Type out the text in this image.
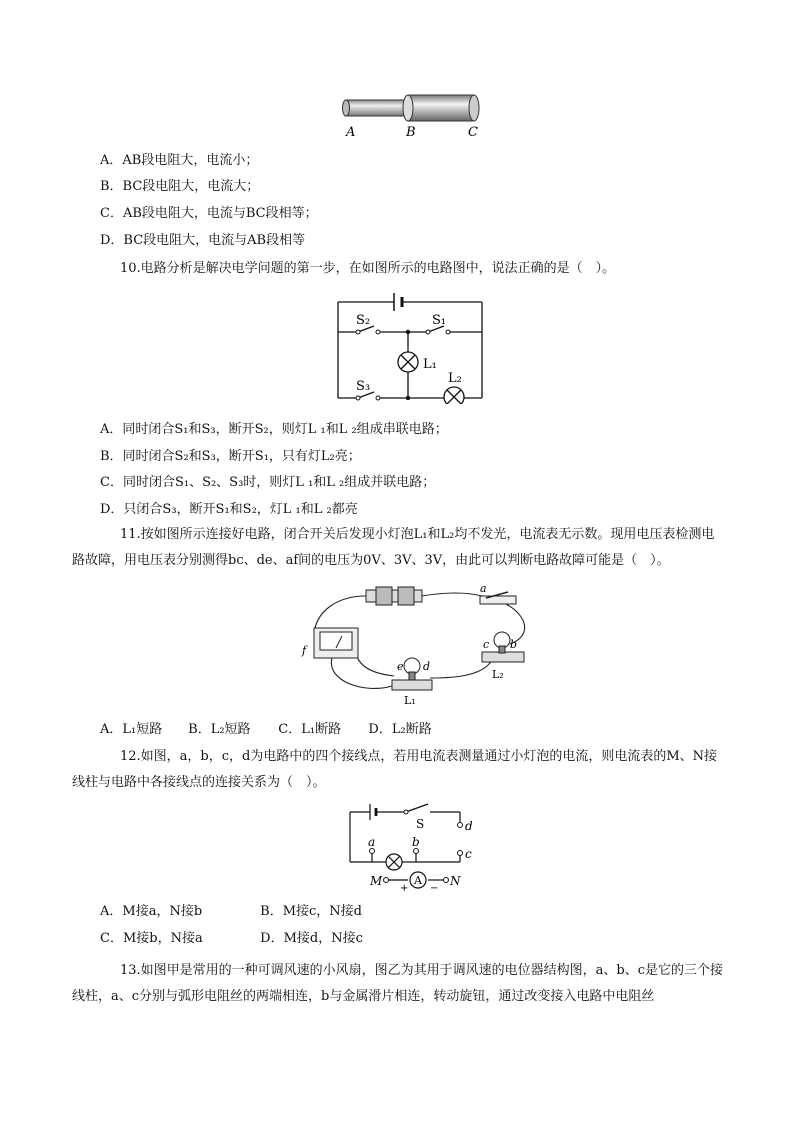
A	B	C
A．AB段电阻大，电流小；
B．BC段电阻大，电流大；
C．AB段电阻大，电流与BC段相等；
D．BC段电阻大，电流与AB段相等
10.电路分析是解决电学问题的第一步，在如图所示的电路图中，说法正确的是（　）。
S₂	S₁
L₁
L₂
S₃
A．同时闭合S₁和S₃，断开S₂，则灯L ₁和L ₂组成串联电路；
B．同时闭合S₂和S₃，断开S₁，只有灯L₂亮；
C．同时闭合S₁、S₂、S₃时，则灯L ₁和L ₂组成并联电路；
D．只闭合S₃，断开S₁和S₂，灯L ₁和L ₂都亮
11.按如图所示连接好电路，闭合开关后发现小灯泡L₁和L₂均不发光，电流表无示数。现用电压表检测电路故障，用电压表分别测得bc、de、af间的电压为0V、3V、3V，由此可以判断电路故障可能是（　）。
a
f
e d
c b
L₁
L₂
A．L₁短路 B．L₂短路 C．L₁断路 D．L₂断路
12.如图，a，b，c，d为电路中的四个接线点，若用电流表测量通过小灯泡的电流，则电流表的M、N接线柱与电路中各接线点的连接关系为（　）。
S	d
c
a	b
M	N
A
+ −
A．M接a，N接b	B．M接c，N接d
C．M接b，N接a	D．M接d，N接c
13.如图甲是常用的一种可调风速的小风扇，图乙为其用于调风速的电位器结构图，a、b、c是它的三个接线柱，a、c分别与弧形电阻丝的两端相连，b与金属滑片相连，转动旋钮，通过改变接入电路中电阻丝
